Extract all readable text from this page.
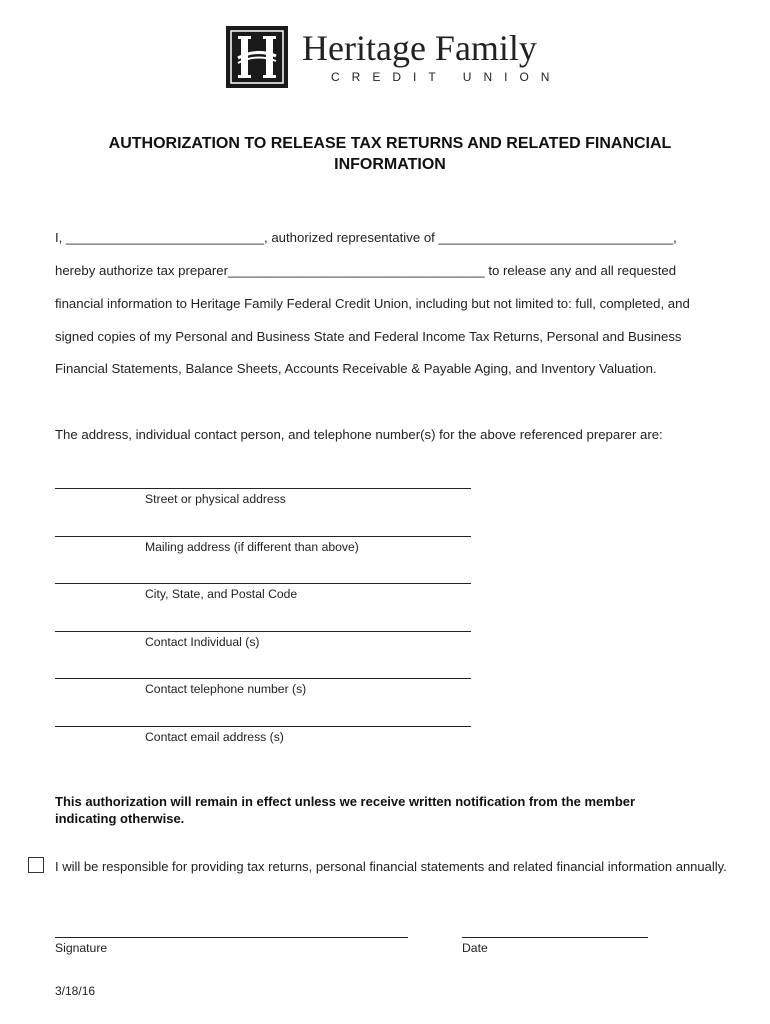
Heritage Family
CREDIT UNION
AUTHORIZATION TO RELEASE TAX RETURNS AND RELATED FINANCIAL
INFORMATION
I, ___________________________, authorized representative of ________________________________,
hereby authorize tax preparer___________________________________ to release any and all requested
financial information to Heritage Family Federal Credit Union, including but not limited to: full, completed, and
signed copies of my Personal and Business State and Federal Income Tax Returns, Personal and Business
Financial Statements, Balance Sheets, Accounts Receivable & Payable Aging, and Inventory Valuation.
The address, individual contact person, and telephone number(s) for the above referenced preparer are:
Street or physical address
Mailing address (if different than above)
City, State, and Postal Code
Contact Individual (s)
Contact telephone number (s)
Contact email address (s)
This authorization will remain in effect unless we receive written notification from the member indicating otherwise.
I will be responsible for providing tax returns, personal financial statements and related financial information annually.
Signature	Date
3/18/16
